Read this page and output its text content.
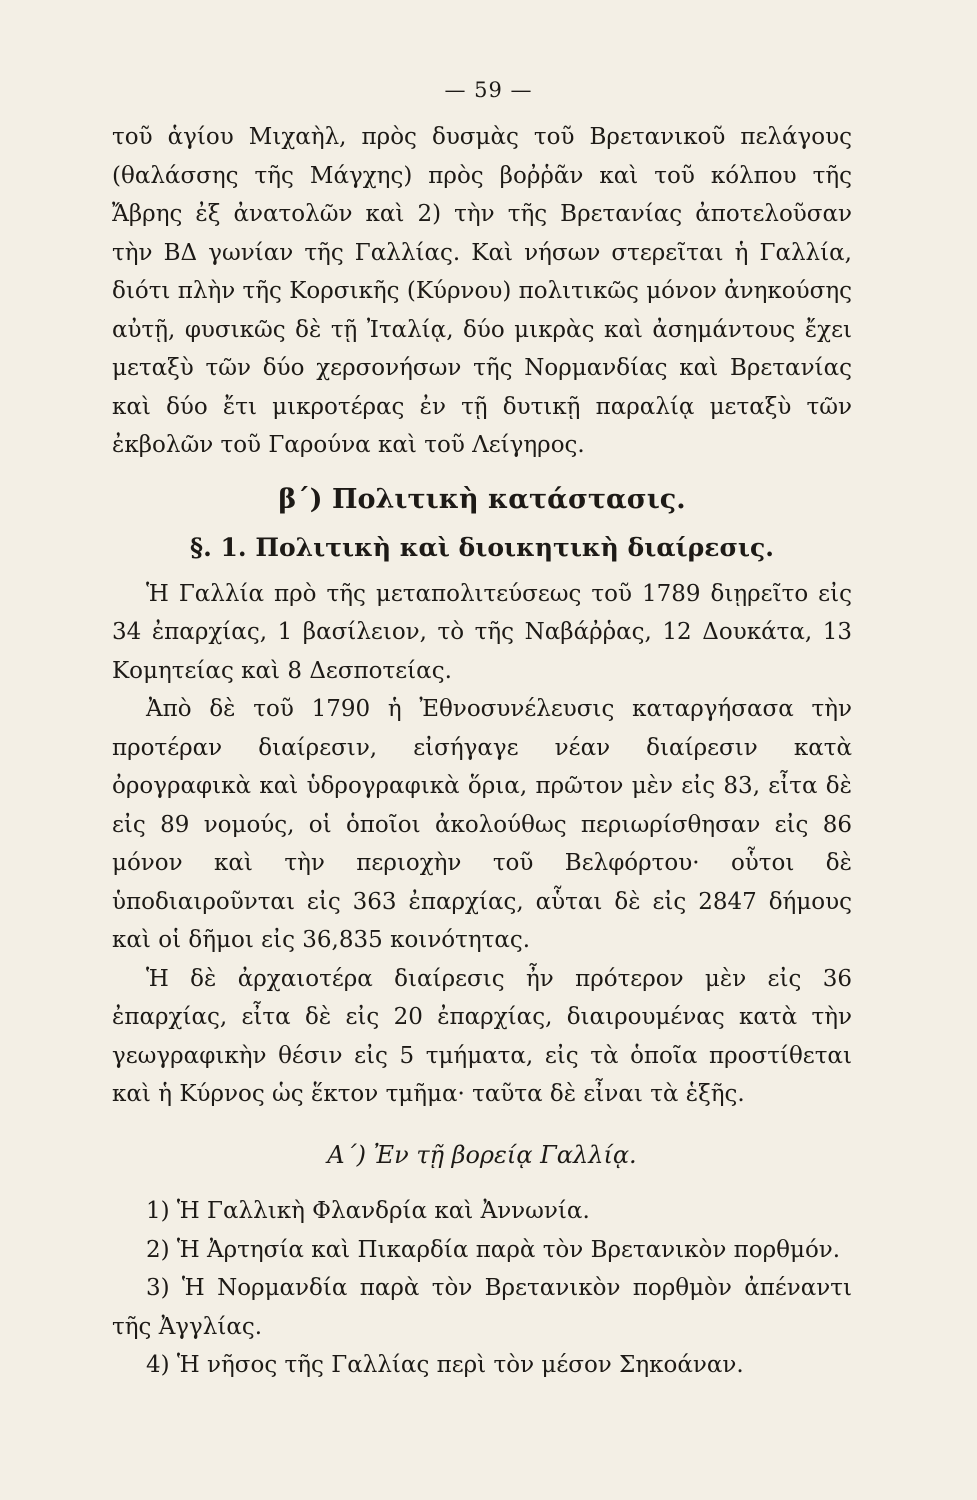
— 59 —

τοῦ ἁγίου Μιχαὴλ, πρὸς δυσμὰς τοῦ Βρετανικοῦ πελάγους (θαλάσσης τῆς Μάγχης) πρὸς βοῤῥᾶν καὶ τοῦ κόλπου τῆς Ἄβρης ἐξ ἀνατολῶν καὶ 2) τὴν τῆς Βρετανίας ἀποτελοῦσαν τὴν ΒΔ γωνίαν τῆς Γαλλίας. Καὶ νήσων στερεῖται ἡ Γαλλία, διότι πλὴν τῆς Κορσικῆς (Κύρνου) πολιτικῶς μόνον ἀνηκούσης αὐτῇ, φυσικῶς δὲ τῇ Ἰταλίᾳ, δύο μικρὰς καὶ ἀσημάντους ἔχει μεταξὺ τῶν δύο χερσονήσων τῆς Νορμανδίας καὶ Βρετανίας καὶ δύο ἔτι μικροτέρας ἐν τῇ δυτικῇ παραλίᾳ μεταξὺ τῶν ἐκβολῶν τοῦ Γαρούνα καὶ τοῦ Λείγηρος.

β´) Πολιτικὴ κατάστασις.
§. 1. Πολιτικὴ καὶ διοικητικὴ διαίρεσις.

Ἡ Γαλλία πρὸ τῆς μεταπολιτεύσεως τοῦ 1789 διῃρεῖτο εἰς 34 ἐπαρχίας, 1 βασίλειον, τὸ τῆς Ναβάῤῥας, 12 Δουκάτα, 13 Κομητείας καὶ 8 Δεσποτείας.

Ἀπὸ δὲ τοῦ 1790 ἡ Ἐθνοσυνέλευσις καταργήσασα τὴν προτέραν διαίρεσιν, εἰσήγαγε νέαν διαίρεσιν κατὰ ὀρογραφικὰ καὶ ὑδρογραφικὰ ὅρια, πρῶτον μὲν εἰς 83, εἶτα δὲ εἰς 89 νομούς, οἱ ὁποῖοι ἀκολούθως περιωρίσθησαν εἰς 86 μόνον καὶ τὴν περιοχὴν τοῦ Βελφόρτου· οὗτοι δὲ ὑποδιαιροῦνται εἰς 363 ἐπαρχίας, αὗται δὲ εἰς 2847 δήμους καὶ οἱ δῆμοι εἰς 36,835 κοινότητας.

Ἡ δὲ ἀρχαιοτέρα διαίρεσις ἦν πρότερον μὲν εἰς 36 ἐπαρχίας, εἶτα δὲ εἰς 20 ἐπαρχίας, διαιρουμένας κατὰ τὴν γεωγραφικὴν θέσιν εἰς 5 τμήματα, εἰς τὰ ὁποῖα προστίθεται καὶ ἡ Κύρνος ὡς ἕκτον τμῆμα· ταῦτα δὲ εἶναι τὰ ἑξῆς.

Α´) Ἐν τῇ βορείᾳ Γαλλίᾳ.
1) Ἡ Γαλλικὴ Φλανδρία καὶ Ἀννωνία.
2) Ἡ Ἀρτησία καὶ Πικαρδία παρὰ τὸν Βρετανικὸν πορθμόν.
3) Ἡ Νορμανδία παρὰ τὸν Βρετανικὸν πορθμὸν ἀπέναντι τῆς Ἀγγλίας.
4) Ἡ νῆσος τῆς Γαλλίας περὶ τὸν μέσον Σηκοάναν.
